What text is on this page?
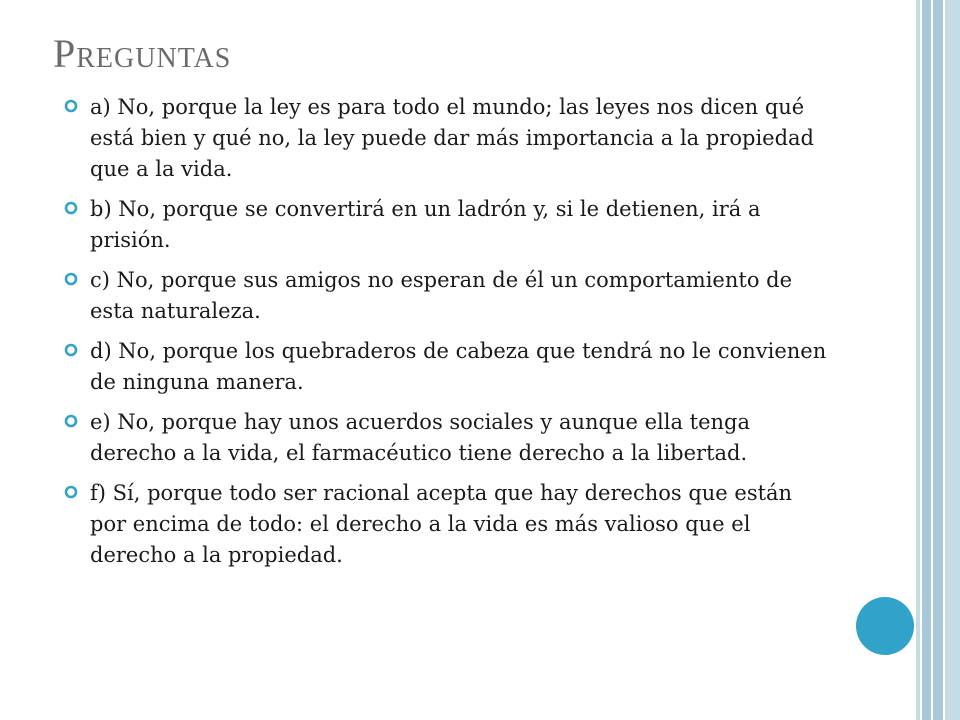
Preguntas
a) No, porque la ley es para todo el mundo; las leyes nos dicen qué está bien y qué no, la ley puede dar más importancia a la propiedad que a la vida.
b) No, porque se convertirá en un ladrón y, si le detienen, irá a prisión.
c) No, porque sus amigos no esperan de él un comportamiento de esta naturaleza.
d) No, porque los quebraderos de cabeza que tendrá no le convienen de ninguna manera.
e) No, porque hay unos acuerdos sociales y aunque ella tenga derecho a la vida, el farmacéutico tiene derecho a la libertad.
f) Sí, porque todo ser racional acepta que hay derechos que están por encima de todo: el derecho a la vida es más valioso que el derecho a la propiedad.
